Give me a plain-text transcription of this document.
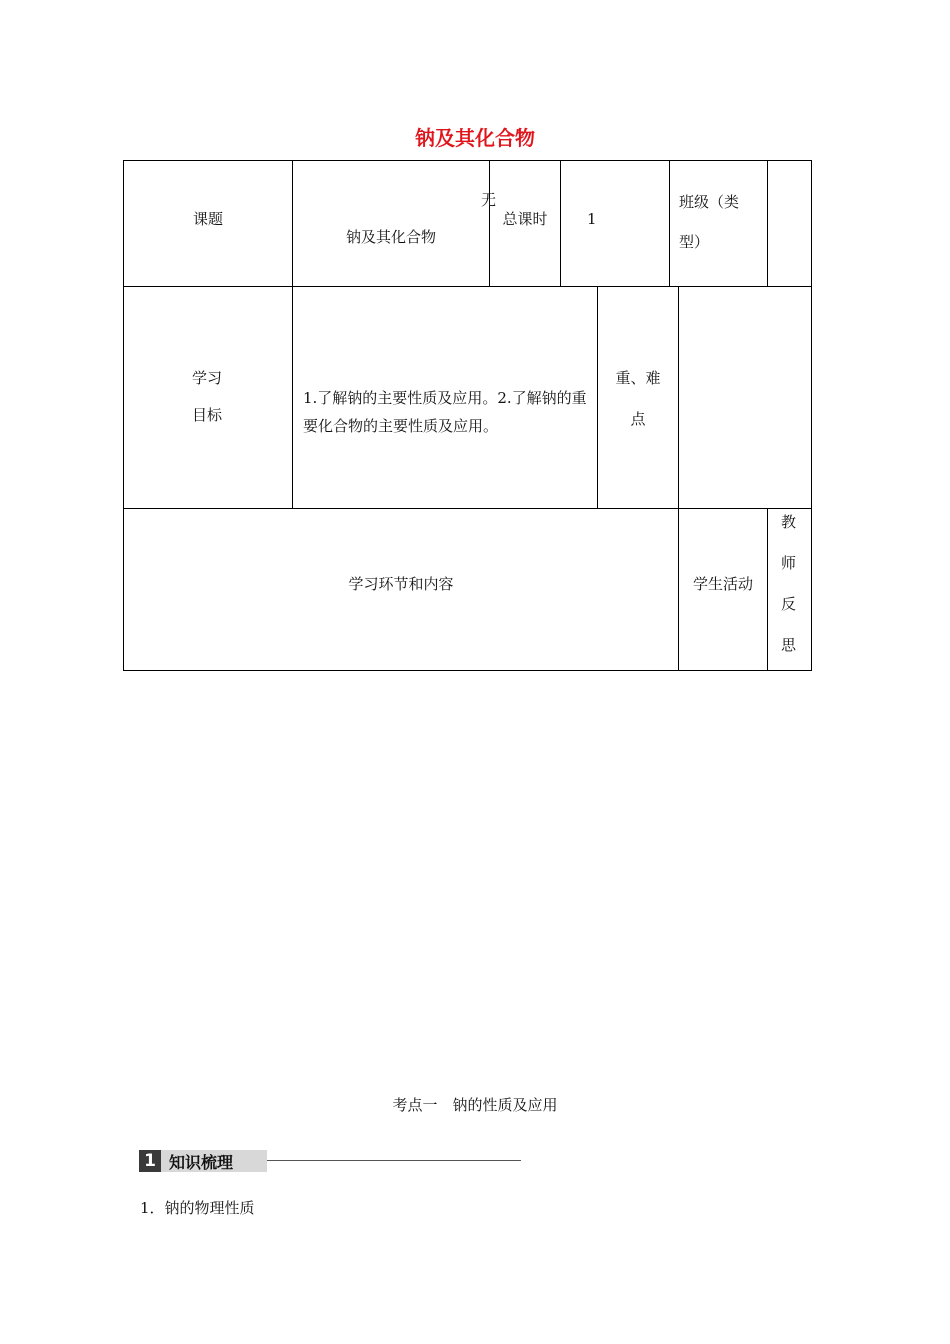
钠及其化合物
课题
钠及其化合物
无
总课时	1
班级（类型）
学习目标
1.了解钠的主要性质及应用。2.了解钠的重要化合物的主要性质及应用。
重、难点
学习环节和内容	学生活动
教师反思
考点一　钠的性质及应用
1 知识梳理
1．钠的物理性质
